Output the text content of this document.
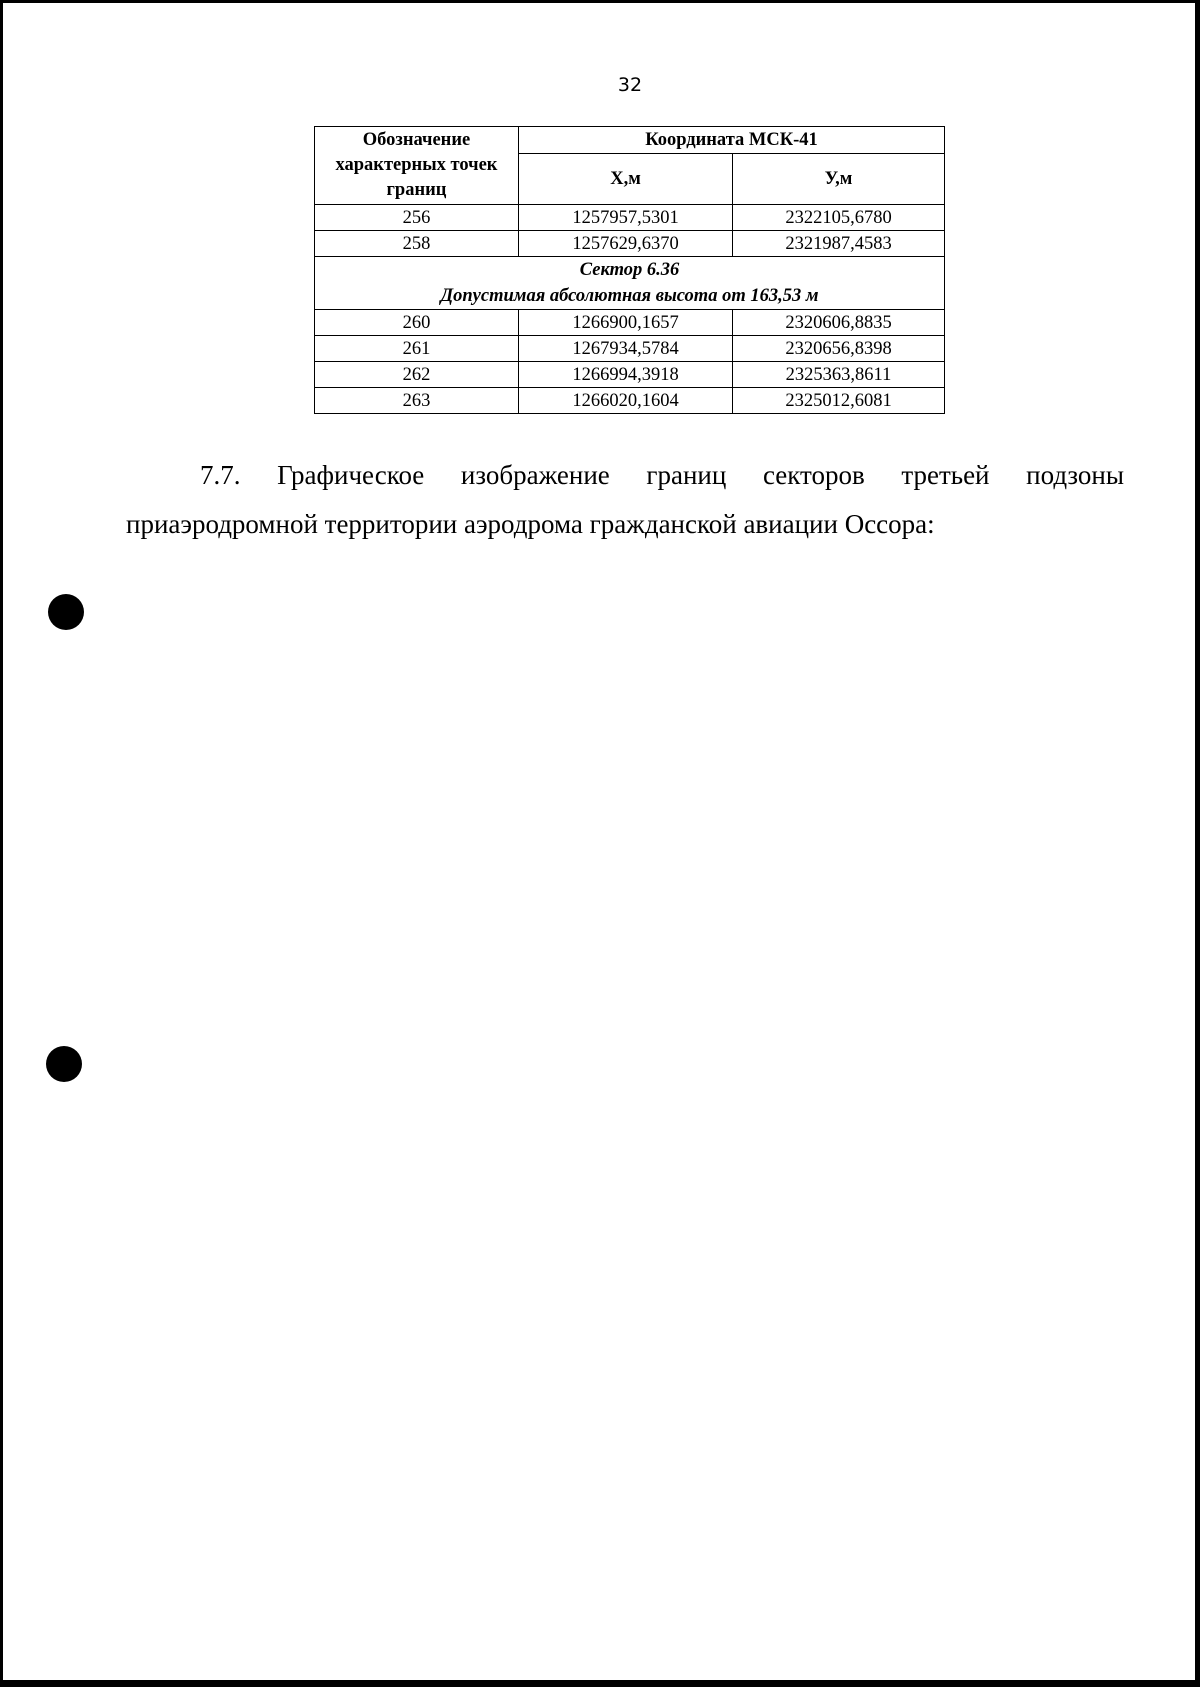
32
Обозначение характерных точек границ	Координата МСК-41	
	Х,м	У,м
256	1257957,5301	2322105,6780
258	1257629,6370	2321987,4583

Сектор 6.36
Допустимая абсолютная высота от 163,53 м		

260	1266900,1657	2320606,8835
261	1267934,5784	2320656,8398
262	1266994,3918	2325363,8611
263	1266020,1604	2325012,6081
7.7. Графическое изображение границ секторов третьей подзоны
приаэродромной территории аэродрома гражданской авиации Оссора:
